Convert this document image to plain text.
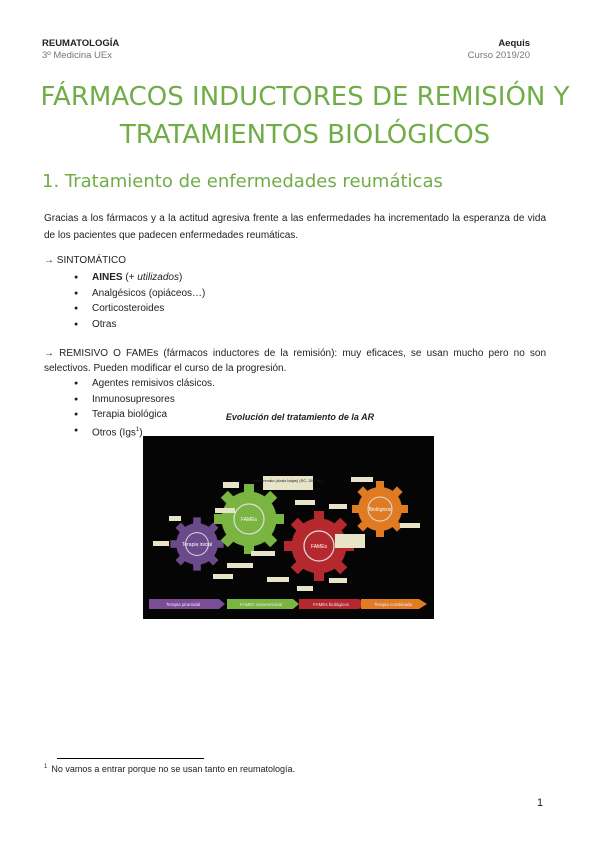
REUMATOLOGÍA
3º Medicina UEx
Aequis
Curso 2019/20
FÁRMACOS INDUCTORES DE REMISIÓN Y
TRATAMIENTOS BIOLÓGICOS
1. Tratamiento de enfermedades reumáticas

Gracias a los fármacos y a la actitud agresiva frente a las enfermedades ha incrementado la esperanza de vida de los pacientes que padecen enfermedades reumáticas.

→ SINTOMÁTICO
● AINES (+ utilizados)
● Analgésicos (opiáceos…)
● Corticosteroides
● Otras

→ REMISIVO O FAMEs (fármacos inductores de la remisión): muy eficaces, se usan mucho pero no son selectivos. Pueden modificar el curso de la progresión.

● Agentes remisivos clásicos.
● Inmunosupresores
● Terapia biológica
● Otros (Igs$^1$)
Evolución del tratamiento de la AR
Terapia inicial
FAMEs
FAMEs
Biológicos
Metotrexato (dosis bajas) (SC, DM, Ac)
Terapia piramidal	FAMEs convencional	FAMEs biológicos	Terapia combinada
$^1$ No vamos a entrar porque no se usan tanto en reumatología.
1
